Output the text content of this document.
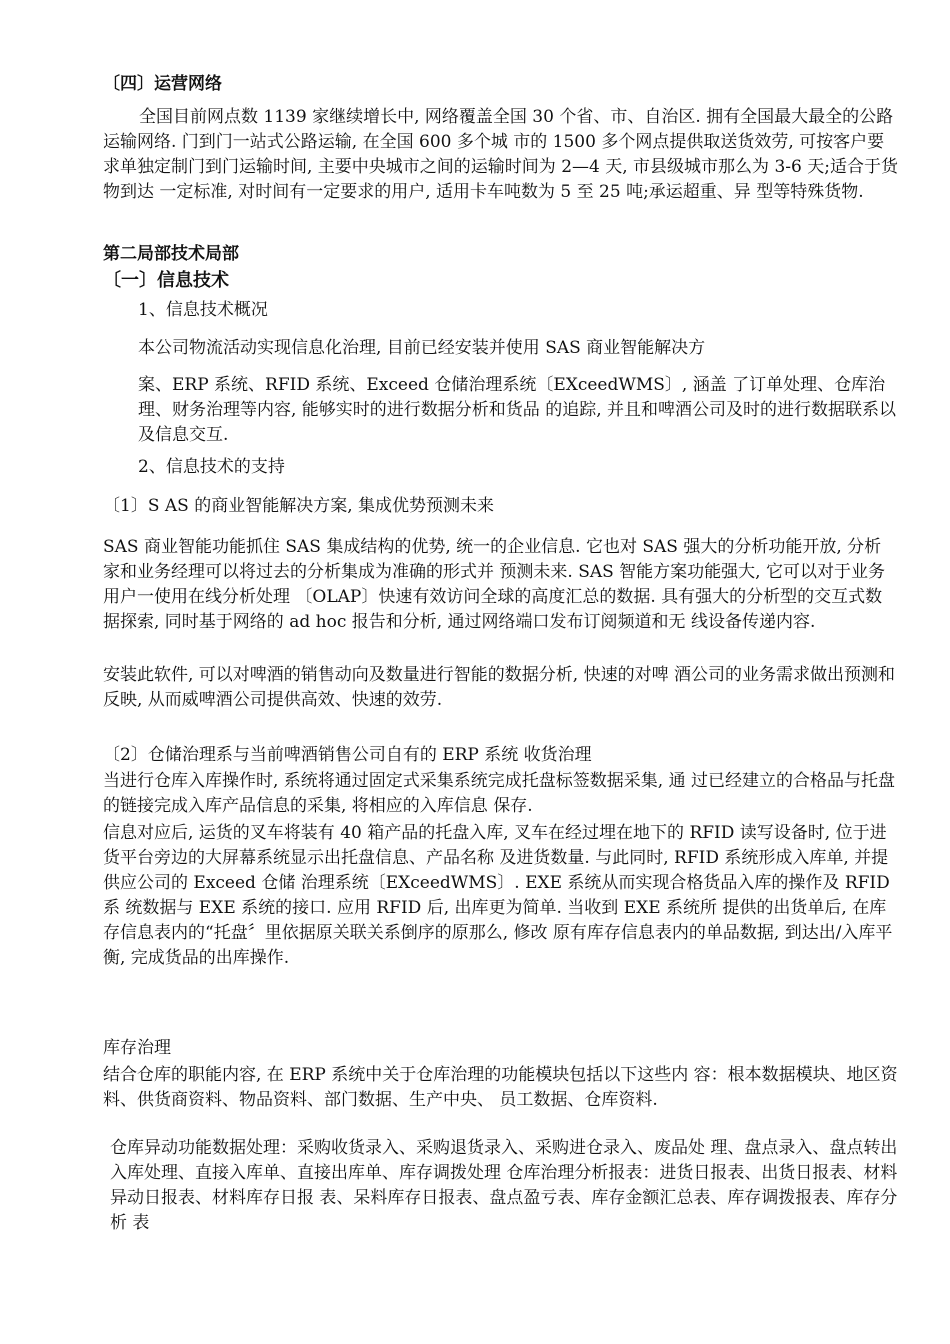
〔四〕运营网络

全国目前网点数 1139 家继续增长中, 网络覆盖全国 30 个省、市、自治区. 拥有全国最大最全的公路运输网络. 门到门一站式公路运输, 在全国 600 多个城 市的 1500 多个网点提供取送货效劳, 可按客户要求单独定制门到门运输时间, 主要中央城市之间的运输时间为 2—4 天, 市县级城市那么为 3-6 天;适合于货物到达 一定标准, 对时间有一定要求的用户, 适用卡车吨数为 5 至 25 吨;承运超重、异 型等特殊货物.

第二局部技术局部
〔一〕信息技术
1、信息技术概况
本公司物流活动实现信息化治理, 目前已经安装并使用 SAS 商业智能解决方

案、ERP 系统、RFID 系统、Exceed 仓储治理系统〔EXceedWMS〕, 涵盖 了订单处理、仓库治理、财务治理等内容, 能够实时的进行数据分析和货品 的追踪, 并且和啤酒公司及时的进行数据联系以及信息交互.

2、信息技术的支持
〔1〕S AS 的商业智能解决方案, 集成优势预测未来

SAS 商业智能功能抓住 SAS 集成结构的优势, 统一的企业信息. 它也对 SAS 强大的分析功能开放, 分析家和业务经理可以将过去的分析集成为准确的形式并 预测未来. SAS 智能方案功能强大, 它可以对于业务用户一使用在线分析处理 〔OLAP〕快速有效访问全球的高度汇总的数据. 具有强大的分析型的交互式数 据探索, 同时基于网络的 ad hoc 报告和分析, 通过网络端口发布订阅频道和无 线设备传递内容.

安装此软件, 可以对啤酒的销售动向及数量进行智能的数据分析, 快速的对啤 酒公司的业务需求做出预测和反映, 从而威啤酒公司提供高效、快速的效劳.

〔2〕仓储治理系与当前啤酒销售公司自有的 ERP 系统 收货治理

当进行仓库入库操作时, 系统将通过固定式采集系统完成托盘标签数据采集, 通 过已经建立的合格品与托盘的链接完成入库产品信息的采集, 将相应的入库信息 保存.

信息对应后, 运货的叉车将装有 40 箱产品的托盘入库, 叉车在经过埋在地下的 RFID 读写设备时, 位于进货平台旁边的大屏幕系统显示出托盘信息、产品名称 及进货数量. 与此同时, RFID 系统形成入库单, 并提供应公司的 Exceed 仓储 治理系统〔EXceedWMS〕. EXE 系统从而实现合格货品入库的操作及 RFID 系 统数据与 EXE 系统的接口. 应用 RFID 后, 出库更为简单. 当收到 EXE 系统所 提供的出货单后, 在库存信息表内的“托盘〞里依据原关联关系倒序的原那么, 修改 原有库存信息表内的单品数据, 到达出/入库平衡, 完成货品的出库操作.

库存治理

结合仓库的职能内容, 在 ERP 系统中关于仓库治理的功能模块包括以下这些内 容：根本数据模块、地区资料、供货商资料、物品资料、部门数据、生产中央、 员工数据、仓库资料.

仓库异动功能数据处理：采购收货录入、采购退货录入、采购进仓录入、废品处 理、盘点录入、盘点转出入库处理、直接入库单、直接出库单、库存调拨处理 仓库治理分析报表：进货日报表、出货日报表、材料异动日报表、材料库存日报 表、呆料库存日报表、盘点盈亏表、库存金额汇总表、库存调拨报表、库存分析 表
